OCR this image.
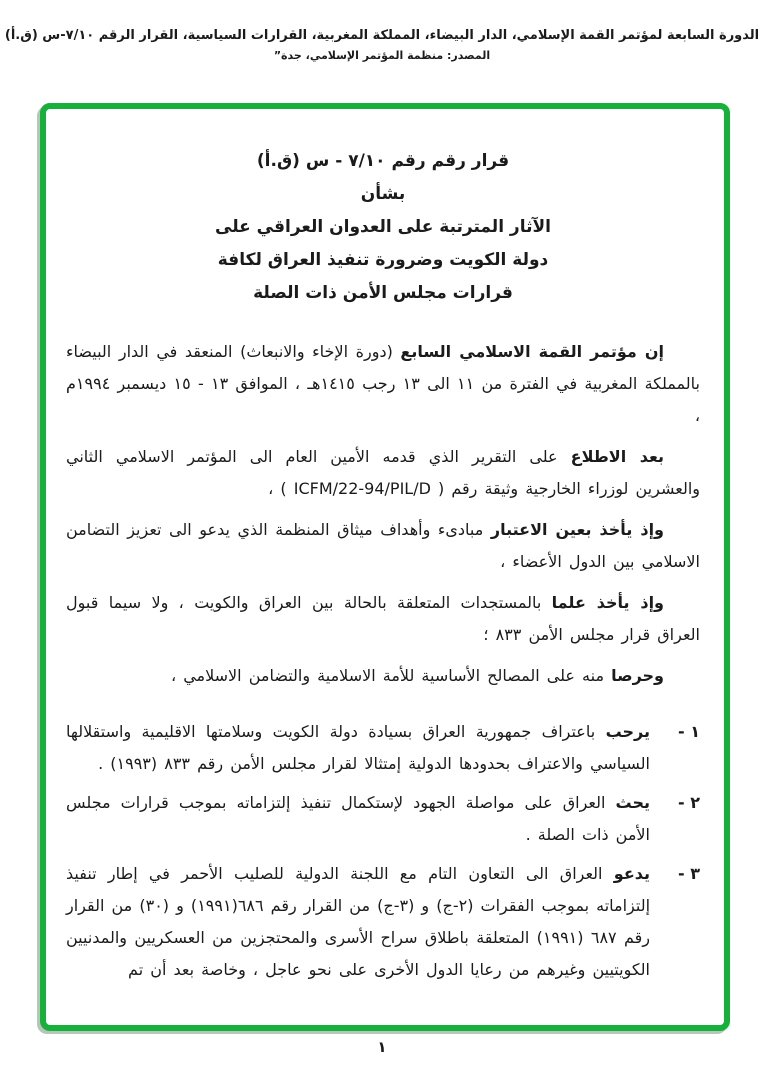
الدورة السابعة لمؤتمر القمة الإسلامي، الدار البيضاء، المملكة المغربية، القرارات السياسية، القرار الرقم ٧/١٠-س (ق.أ)
المصدر: منظمة المؤتمر الإسلامي، جدة”
قرار رقم رقم ٧/١٠ - س (ق.أ)
بشأن
الآثار المترتبة على العدوان العراقي على
دولة الكويت وضرورة تنفيذ العراق لكافة
قرارات مجلس الأمن ذات الصلة

إن مؤتمر القمة الاسلامي السابع (دورة الإخاء والانبعاث) المنعقد في الدار البيضاء بالمملكة المغربية في الفترة من ١١ الى ١٣ رجب ١٤١٥هـ ، الموافق ١٣ - ١٥ ديسمبر ١٩٩٤م ،

بعد الاطلاع على التقرير الذي قدمه الأمين العام الى المؤتمر الاسلامي الثاني والعشرين لوزراء الخارجية وثيقة رقم ( ICFM/22-94/PIL/D ) ،

وإذ يأخذ بعين الاعتبار مبادىء وأهداف ميثاق المنظمة الذي يدعو الى تعزيز التضامن الاسلامي بين الدول الأعضاء ،

وإذ يأخذ علما بالمستجدات المتعلقة بالحالة بين العراق والكويت ، ولا سيما قبول العراق قرار مجلس الأمن ٨٣٣ ؛

وحرصا منه على المصالح الأساسية للأمة الاسلامية والتضامن الاسلامي ،

١ -
يرحب باعتراف جمهورية العراق بسيادة دولة الكويت وسلامتها الاقليمية واستقلالها السياسي والاعتراف بحدودها الدولية إمتثالا لقرار مجلس الأمن رقم ٨٣٣ (١٩٩٣) .
٢ -
يحث العراق على مواصلة الجهود لإستكمال تنفيذ إلتزاماته بموجب قرارات مجلس الأمن ذات الصلة .
٣ -
يدعو العراق الى التعاون التام مع اللجنة الدولية للصليب الأحمر في إطار تنفيذ إلتزاماته بموجب الفقرات (٢-ج) و (٣-ج) من القرار رقم ٦٨٦(١٩٩١) و (٣٠) من القرار رقم ٦٨٧ (١٩٩١) المتعلقة باطلاق سراح الأسرى والمحتجزين من العسكريين والمدنيين الكويتيين وغيرهم من رعايا الدول الأخرى على نحو عاجل ، وخاصة بعد أن تم
١
